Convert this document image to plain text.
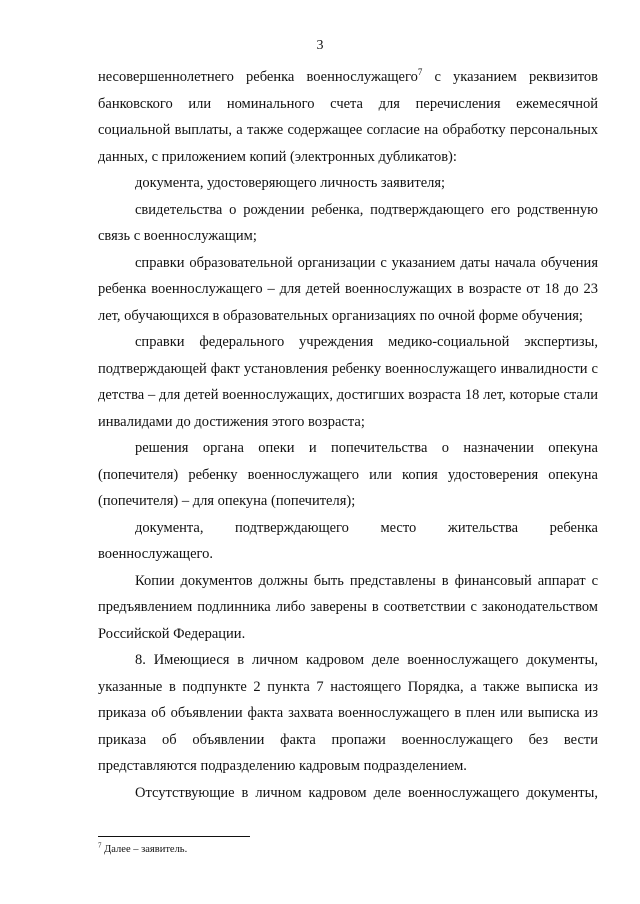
3

несовершеннолетнего ребенка военнослужащего$^7$ с указанием реквизитов

банковского или номинального счета для перечисления ежемесячной социальной выплаты, а также содержащее согласие на обработку персональных данных, с приложением копий (электронных дубликатов):

документа, удостоверяющего личность заявителя;

свидетельства о рождении ребенка, подтверждающего его родственную связь с военнослужащим;

справки образовательной организации с указанием даты начала обучения ребенка военнослужащего – для детей военнослужащих в возрасте от 18 до 23 лет, обучающихся в образовательных организациях по очной форме обучения;

справки федерального учреждения медико-социальной экспертизы, подтверждающей факт установления ребенку военнослужащего инвалидности с детства – для детей военнослужащих, достигших возраста 18 лет, которые стали инвалидами до достижения этого возраста;

решения органа опеки и попечительства о назначении опекуна (попечителя) ребенку военнослужащего или копия удостоверения опекуна (попечителя) – для опекуна (попечителя);

документа, подтверждающего место жительства ребенка военнослужащего.

Копии документов должны быть представлены в финансовый аппарат с предъявлением подлинника либо заверены в соответствии с законодательством Российской Федерации.

8. Имеющиеся в личном кадровом деле военнослужащего документы, указанные в подпункте 2 пункта 7 настоящего Порядка, а также выписка из приказа об объявлении факта захвата военнослужащего в плен или выписка из приказа об объявлении факта пропажи военнослужащего без вести представляются подразделению кадровым подразделением.

Отсутствующие в личном кадровом деле военнослужащего документы,

$^7$ Далее – заявитель.
